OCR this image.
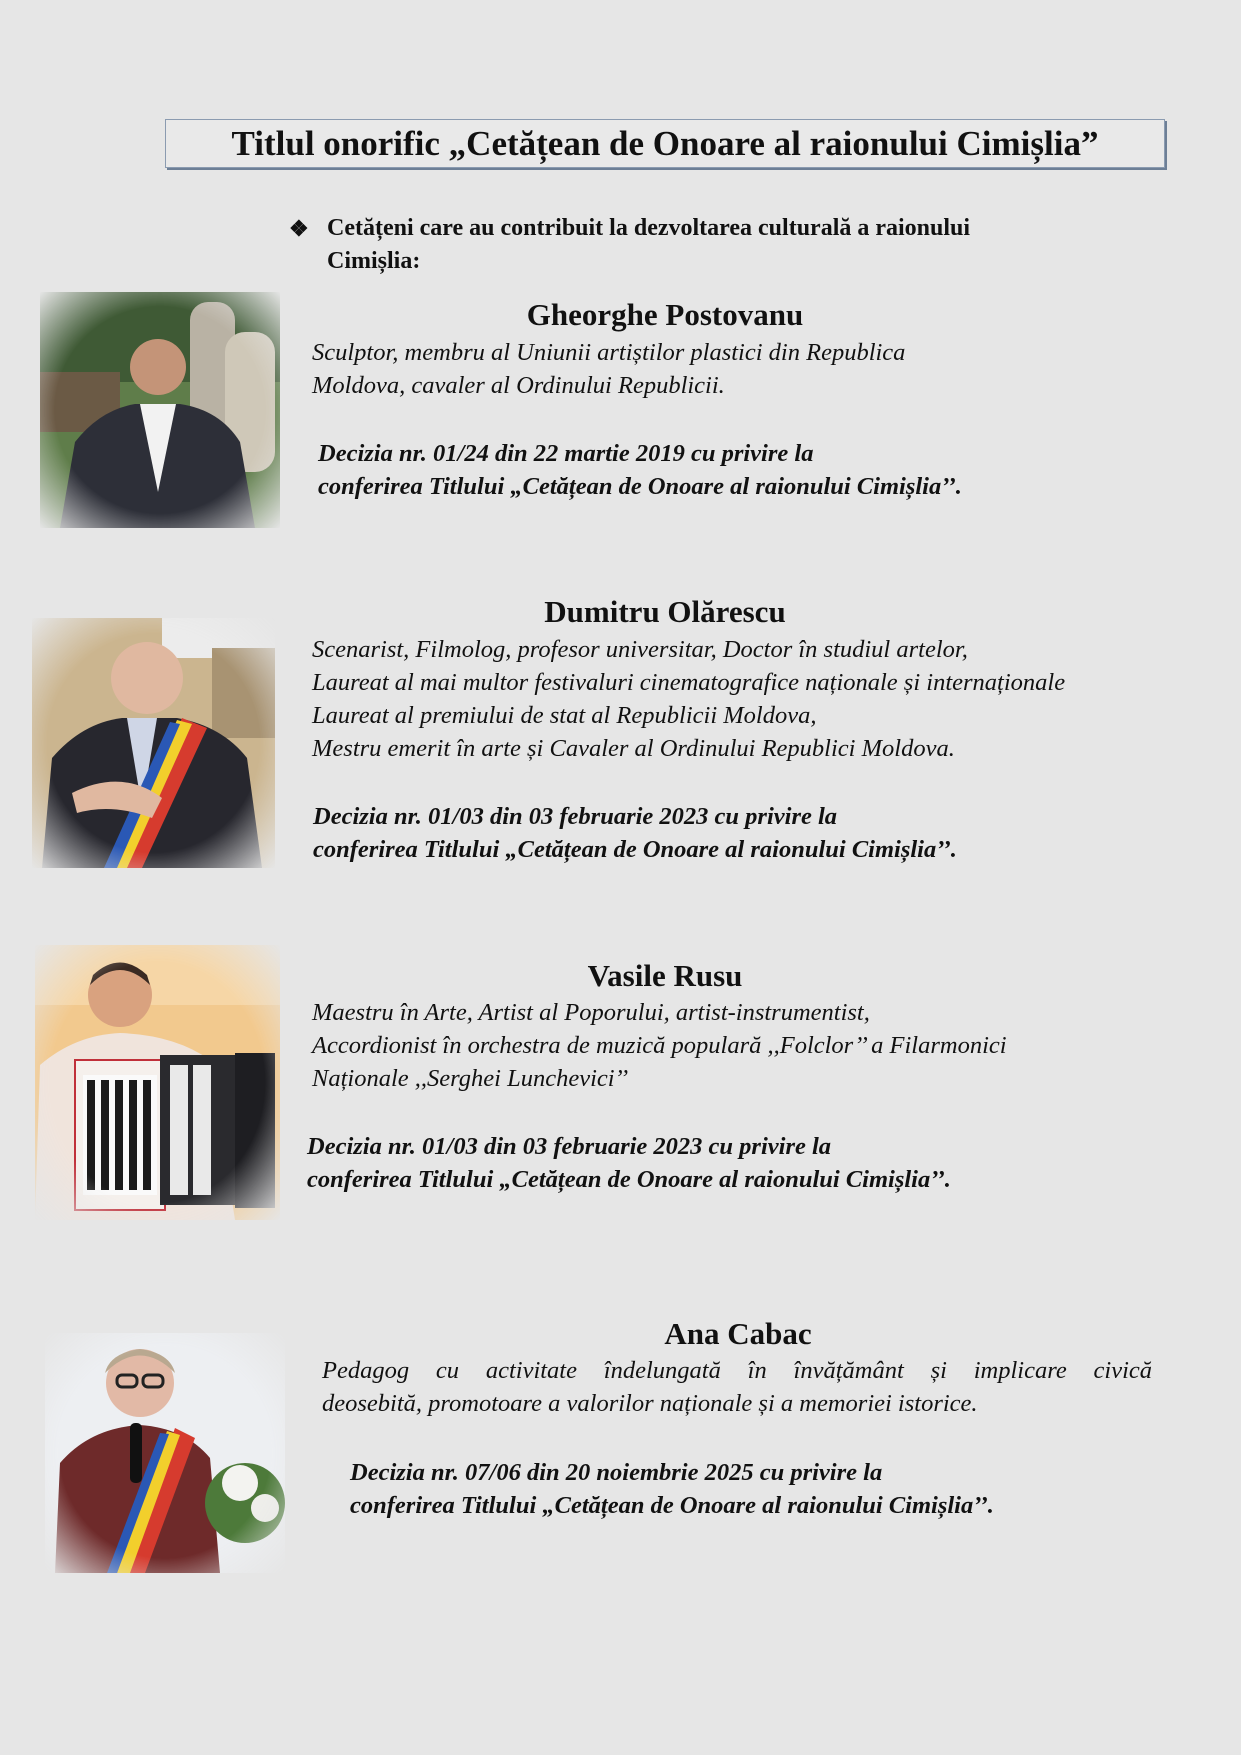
Titlul onorific „Cetățean de Onoare al raionului Cimișlia”
❖ Cetățeni care au contribuit la dezvoltarea culturală a raionului
Cimișlia:
Gheorghe Postovanu
Sculptor, membru al Uniunii artiștilor plastici din Republica
Moldova, cavaler al Ordinului Republicii.
Decizia nr. 01/24 din 22 martie 2019 cu privire la
conferirea Titlului „Cetățean de Onoare al raionului Cimișlia’’.
Dumitru Olărescu
Scenarist, Filmolog, profesor universitar, Doctor în studiul artelor,
Laureat al mai multor festivaluri cinematografice naționale și internaționale
Laureat al premiului de stat al Republicii Moldova,
Mestru emerit în arte și Cavaler al Ordinului Republici Moldova.
Decizia nr. 01/03 din 03 februarie 2023 cu privire la
conferirea Titlului „Cetățean de Onoare al raionului Cimișlia’’.
Vasile Rusu
Maestru în Arte, Artist al Poporului, artist-instrumentist,
Accordionist în orchestra de muzică populară ,,Folclor’’ a Filarmonici
Naționale ,,Serghei Lunchevici’’
Decizia nr. 01/03 din 03 februarie 2023 cu privire la
conferirea Titlului „Cetățean de Onoare al raionului Cimișlia’’.
Ana Cabac
Pedagog cu activitate îndelungată în învățământ și implicare civică
deosebită, promotoare a valorilor naționale și a memoriei istorice.
Decizia nr. 07/06 din 20 noiembrie 2025 cu privire la
conferirea Titlului „Cetățean de Onoare al raionului Cimișlia’’.
